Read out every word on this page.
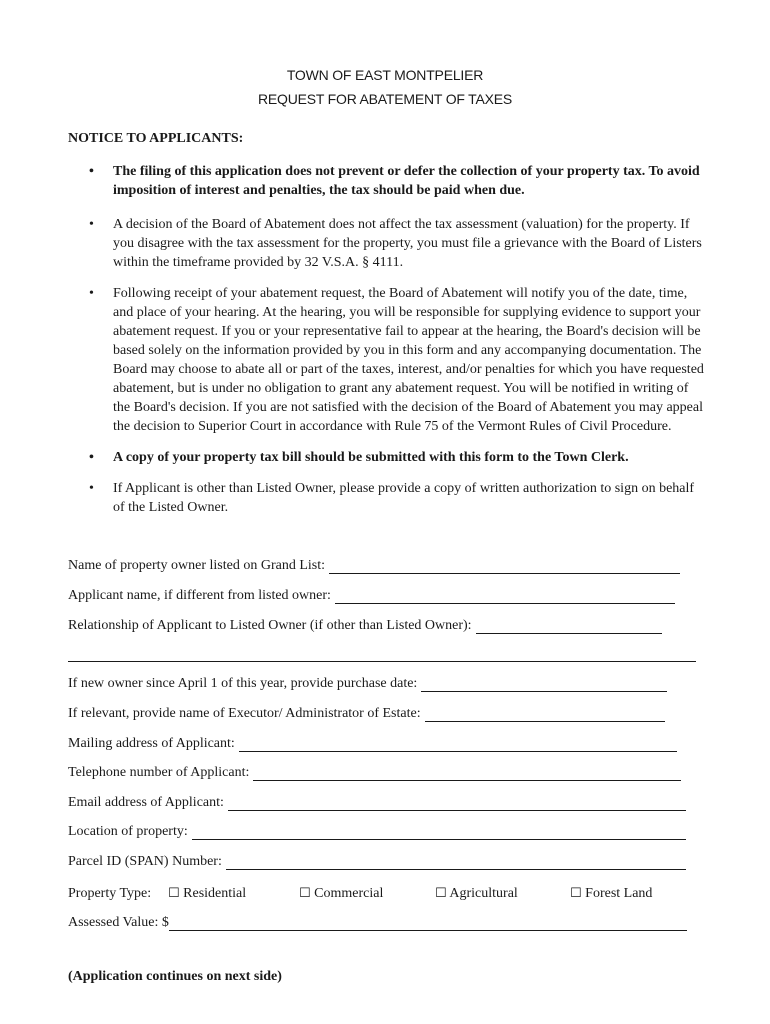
TOWN OF EAST MONTPELIER
REQUEST FOR ABATEMENT OF TAXES
NOTICE TO APPLICANTS:
• The filing of this application does not prevent or defer the collection of your property tax. To avoid imposition of interest and penalties, the tax should be paid when due.
• A decision of the Board of Abatement does not affect the tax assessment (valuation) for the property. If you disagree with the tax assessment for the property, you must file a grievance with the Board of Listers within the timeframe provided by 32 V.S.A. § 4111.
• Following receipt of your abatement request, the Board of Abatement will notify you of the date, time, and place of your hearing. At the hearing, you will be responsible for supplying evidence to support your abatement request. If you or your representative fail to appear at the hearing, the Board's decision will be based solely on the information provided by you in this form and any accompanying documentation. The Board may choose to abate all or part of the taxes, interest, and/or penalties for which you have requested abatement, but is under no obligation to grant any abatement request. You will be notified in writing of the Board's decision. If you are not satisfied with the decision of the Board of Abatement you may appeal the decision to Superior Court in accordance with Rule 75 of the Vermont Rules of Civil Procedure.
• A copy of your property tax bill should be submitted with this form to the Town Clerk.
• If Applicant is other than Listed Owner, please provide a copy of written authorization to sign on behalf of the Listed Owner.
Name of property owner listed on Grand List:
Applicant name, if different from listed owner:
Relationship of Applicant to Listed Owner (if other than Listed Owner):
If new owner since April 1 of this year, provide purchase date:
If relevant, provide name of Executor/ Administrator of Estate:
Mailing address of Applicant:
Telephone number of Applicant:
Email address of Applicant:
Location of property:
Parcel ID (SPAN) Number:
Property Type: ☐ Residential	☐ Commercial	☐ Agricultural	☐ Forest Land
Assessed Value: $
(Application continues on next side)
